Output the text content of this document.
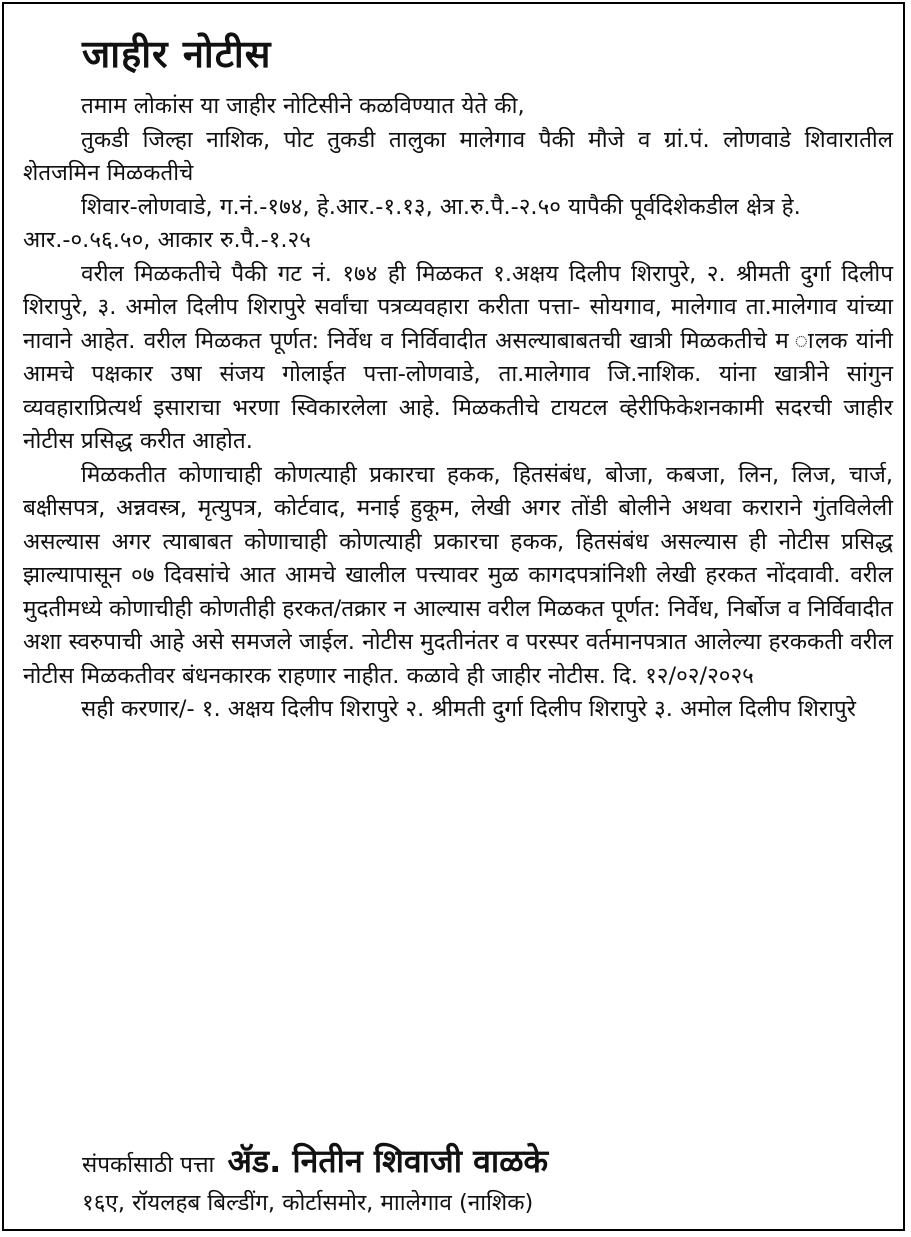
जाहीर नोटीस

तमाम लोकांस या जाहीर नोटिसीने कळविण्यात येते की,

तुकडी जिल्हा नाशिक, पोट तुकडी तालुका मालेगाव पैकी मौजे व ग्रां.पं. लोणवाडे शिवारातील शेतजमिन मिळकतीचे

शिवार-लोणवाडे, ग.नं.-१७४, हे.आर.-१.१३, आ.रु.पै.-२.५० यापैकी पूर्वदिशेकडील क्षेत्र हे. आर.-०.५६.५०, आकार रु.पै.-१.२५

वरील मिळकतीचे पैकी गट नं. १७४ ही मिळकत १.अक्षय दिलीप शिरापुरे, २. श्रीमती दुर्गा दिलीप शिरापुरे, ३. अमोल दिलीप शिरापुरे सर्वांचा पत्रव्यवहारा करीता पत्ता- सोयगाव, मालेगाव ता.मालेगाव यांच्या नावाने आहेत. वरील मिळकत पूर्णत: निर्वेध व निर्विवादीत असल्याबाबतची खात्री मिळकतीचे म ालक यांनी आमचे पक्षकार उषा संजय गोलाईत पत्ता-लोणवाडे, ता.मालेगाव जि.नाशिक. यांना खात्रीने सांगुन व्यवहाराप्रित्यर्थ इसाराचा भरणा स्विकारलेला आहे. मिळकतीचे टायटल व्हेरीफिकेशनकामी सदरची जाहीर नोटीस प्रसिद्ध करीत आहोत.

मिळकतीत कोणाचाही कोणत्याही प्रकारचा हकक, हितसंबंध, बोजा, कबजा, लिन, लिज, चार्ज, बक्षीसपत्र, अन्नवस्त्र, मृत्युपत्र, कोर्टवाद, मनाई हुकूम, लेखी अगर तोंडी बोलीने अथवा कराराने गुंतविलेली असल्यास अगर त्याबाबत कोणाचाही कोणत्याही प्रकारचा हकक, हितसंबंध असल्यास ही नोटीस प्रसिद्ध झाल्यापासून ०७ दिवसांचे आत आमचे खालील पत्त्यावर मुळ कागदपत्रांनिशी लेखी हरकत नोंदवावी. वरील मुदतीमध्ये कोणाचीही कोणतीही हरकत/तक्रार न आल्यास वरील मिळकत पूर्णत: निर्वेध, निर्बोज व निर्विवादीत अशा स्वरुपाची आहे असे समजले जाईल. नोटीस मुदतीनंतर व परस्पर वर्तमानपत्रात आलेल्या हरककती वरील नोटीस मिळकतीवर बंधनकारक राहणार नाहीत. कळावे ही जाहीर नोटीस. दि. १२/०२/२०२५

सही करणार/- १. अक्षय दिलीप शिरापुरे २. श्रीमती दुर्गा दिलीप शिरापुरे ३. अमोल दिलीप शिरापुरे

संपर्कासाठी पत्ता ॲड. नितीन शिवाजी वाळके
१६ए, रॉयलहब बिल्डींग, कोर्टासमोर, माालेगाव (नाशिक)
